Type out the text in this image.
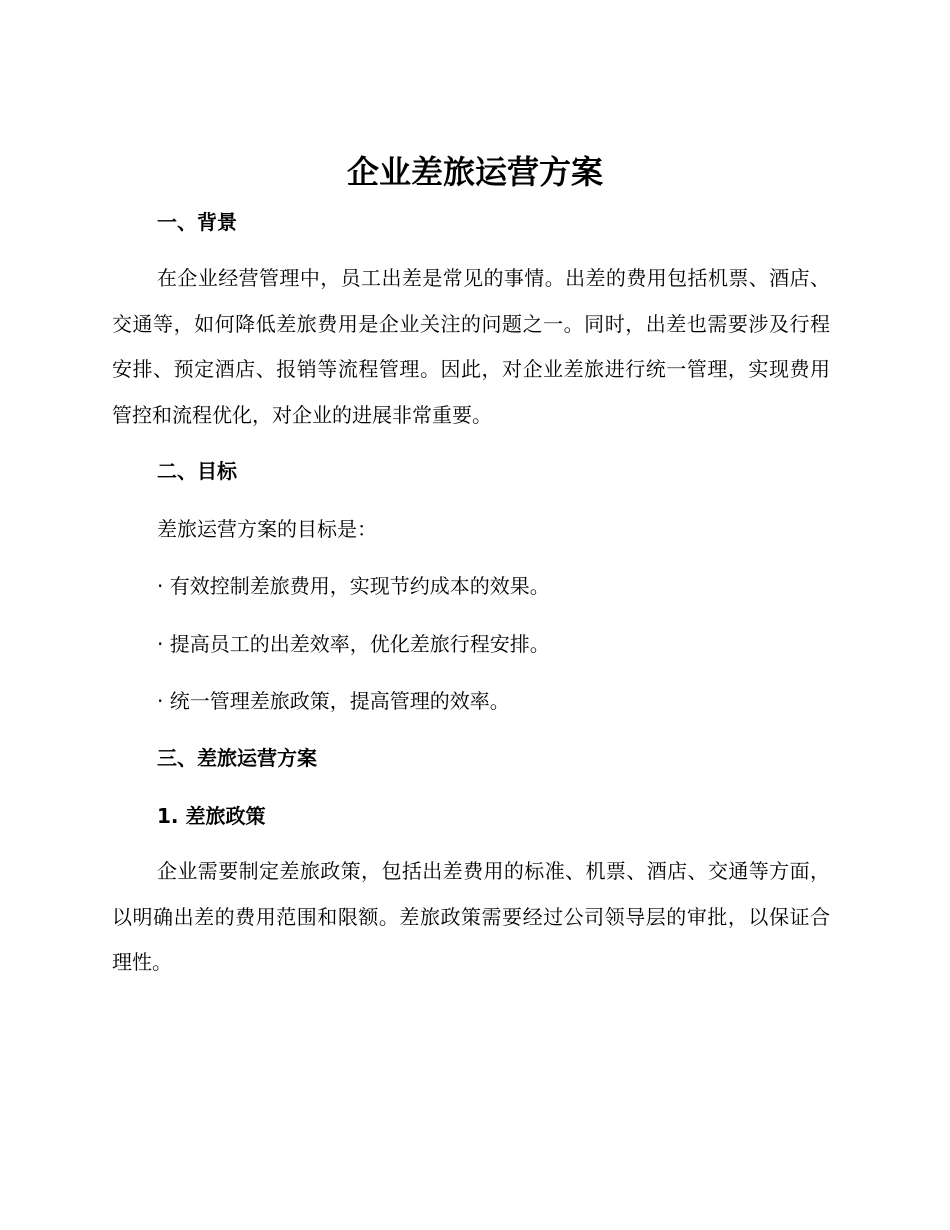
企业差旅运营方案
一、背景
在企业经营管理中，员工出差是常见的事情。出差的费用包括机票、酒店、交通等，如何降低差旅费用是企业关注的问题之一。同时，出差也需要涉及行程安排、预定酒店、报销等流程管理。因此，对企业差旅进行统一管理，实现费用管控和流程优化，对企业的进展非常重要。
二、目标
差旅运营方案的目标是：
· 有效控制差旅费用，实现节约成本的效果。
· 提高员工的出差效率，优化差旅行程安排。
· 统一管理差旅政策，提高管理的效率。
三、差旅运营方案
1. 差旅政策
企业需要制定差旅政策，包括出差费用的标准、机票、酒店、交通等方面，以明确出差的费用范围和限额。差旅政策需要经过公司领导层的审批，以保证合理性。
